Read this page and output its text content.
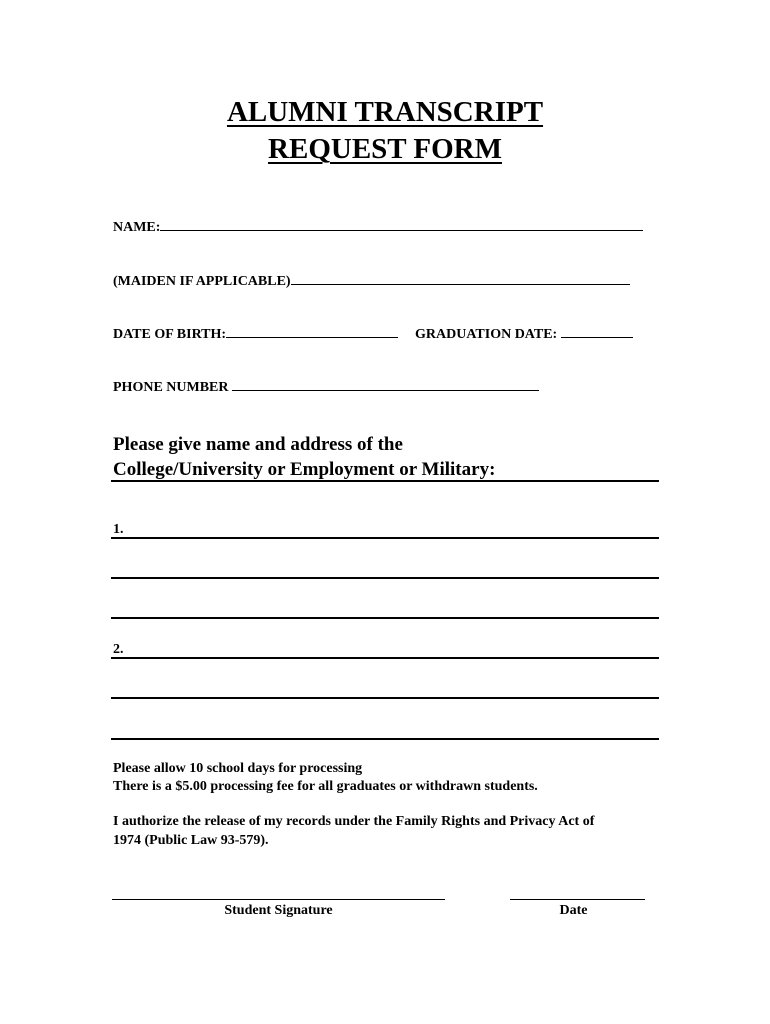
ALUMNI TRANSCRIPT
REQUEST FORM
NAME:
(MAIDEN IF APPLICABLE)
DATE OF BIRTH:	GRADUATION DATE:
PHONE NUMBER
Please give name and address of the
College/University or Employment or Military:
1.
2.
Please allow 10 school days for processing
There is a $5.00 processing fee for all graduates or withdrawn students.
I authorize the release of my records under the Family Rights and Privacy Act of
1974 (Public Law 93-579).
Student Signature	Date
